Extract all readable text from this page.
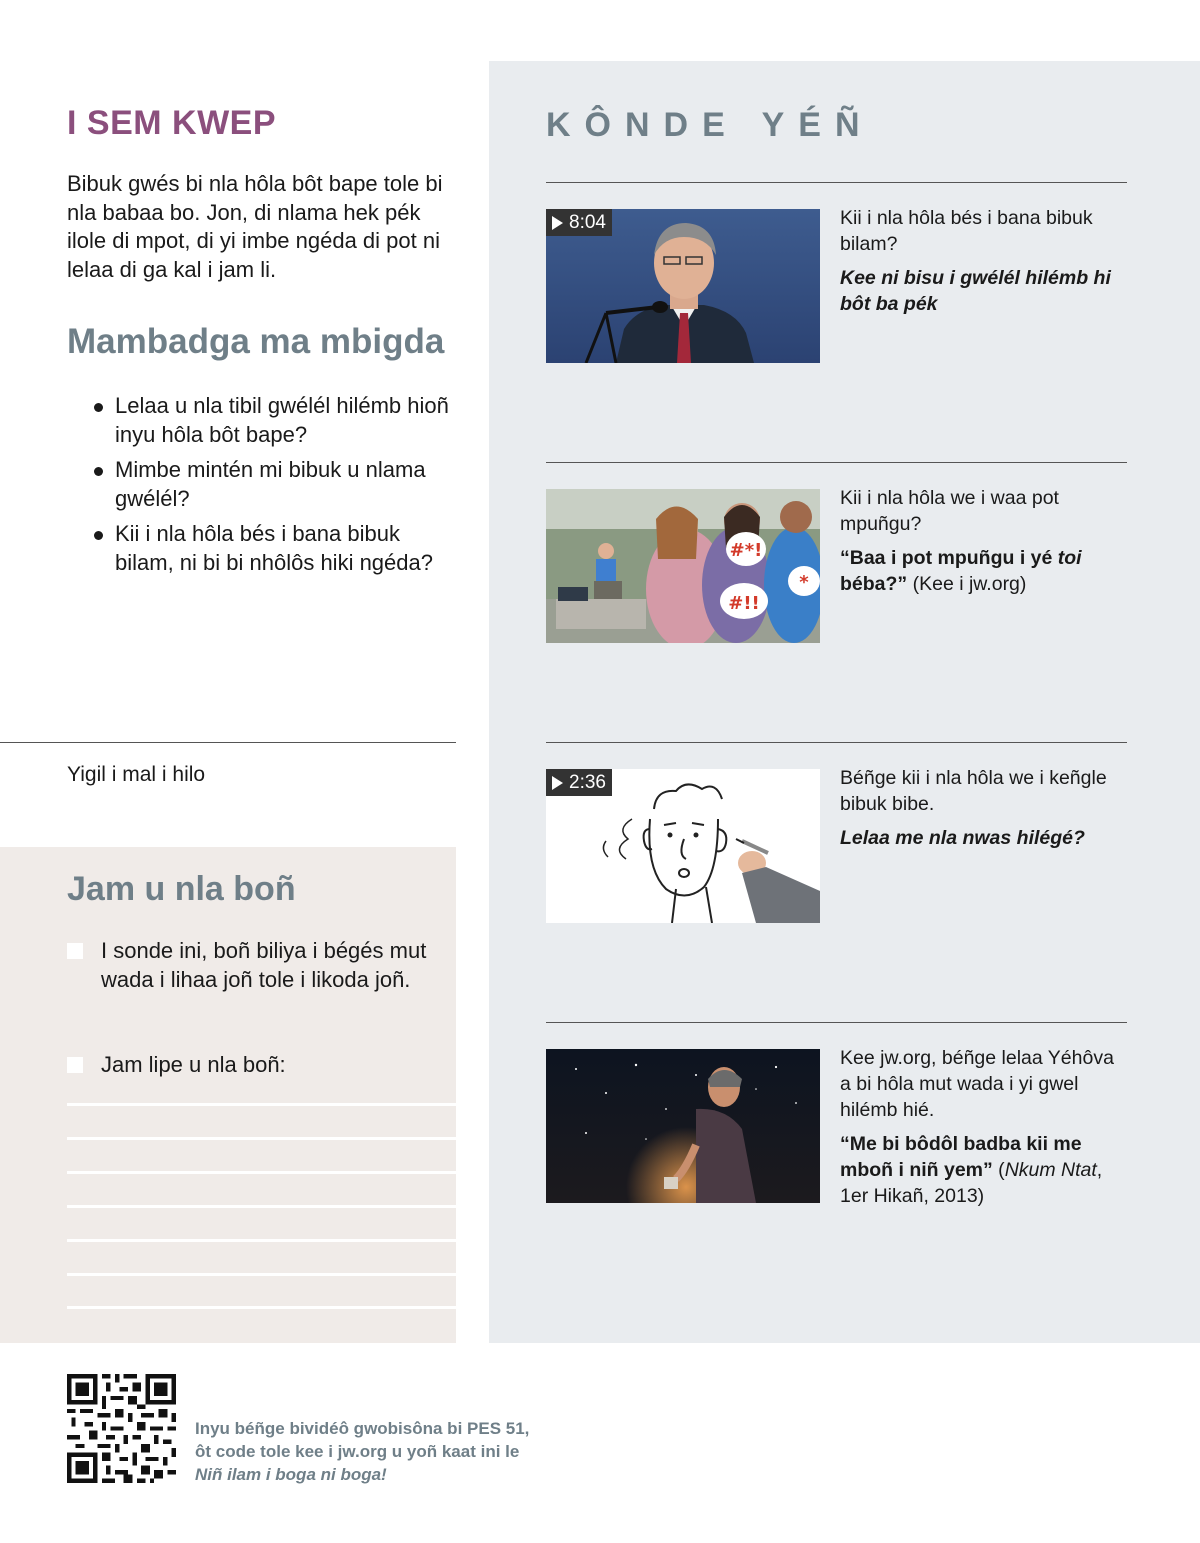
I SEM KWEP

Bibuk gwés bi nla hôla bôt bape tole bi nla babaa bo. Jon, di nlama hek pék ilole di mpot, di yi imbe ngéda di pot ni lelaa di ga kal i jam li.

Mambadga ma mbigda
Lelaa u nla tibil gwélél hilémb hioñ inyu hôla bôt bape?
Mimbe mintén mi bibuk u nlama gwélél?
Kii i nla hôla bés i bana bibuk bilam, ni bi bi nhôlôs hiki ngéda?
Yigil i mal i hilo
Jam u nla boñ
I sonde ini, boñ biliya i bégés mut wada i lihaa joñ tole i likoda joñ.
Jam lipe u nla boñ:
KÔNDE YÉÑ
8:04	Kii i nla hôla bés i bana bibuk bilam?

Kee ni bisu i gwélél hilémb hi bôt ba pék

#*!
#!!
*

Kii i nla hôla we i waa pot mpuñgu?

“Baa i pot mpuñgu i yé toi béba?” (Kee i jw.org)

2:36	Béñge kii i nla hôla we i keñgle bibuk bibe.

Lelaa me nla nwas hilégé?

Kee jw.org, béñge lelaa Yéhôva a bi hôla mut wada i yi gwel hilémb hié.

“Me bi bôdôl badba kii me mboñ i niñ yem” (Nkum Ntat, 1er Hikañ, 2013)

Inyu béñge bividéô gwobisôna bi PES 51,
ôt code tole kee i jw.org u yoñ kaat ini le
Niñ ilam i boga ni boga!
